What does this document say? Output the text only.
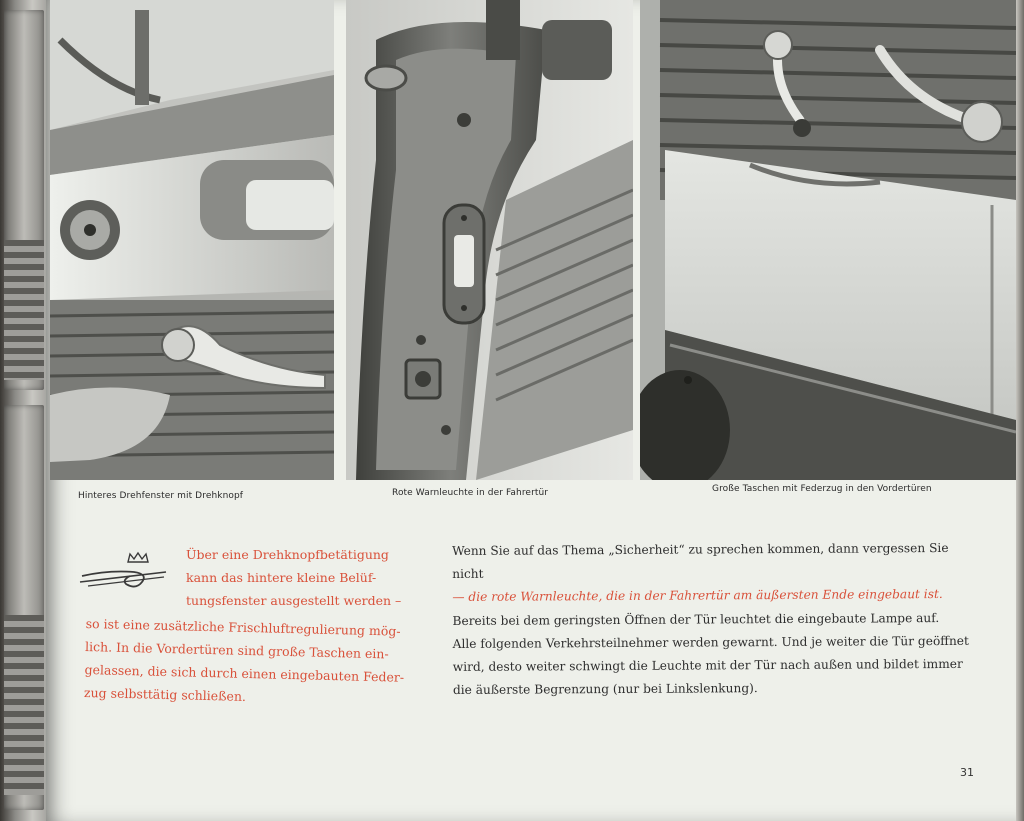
Hinteres Drehfenster mit Drehknopf	Rote Warnleuchte in der Fahrertür	Große Taschen mit Federzug in den Vordertüren

Über eine Drehknopfbetätigung
kann das hintere kleine Belüf-
tungsfenster ausgestellt werden –

so ist eine zusätzliche Frischluftregulierung mög-
lich. In die Vordertüren sind große Taschen ein-
gelassen, die sich durch einen eingebauten Feder-
zug selbsttätig schließen.

Wenn Sie auf das Thema „Sicherheit“ zu sprechen kommen, dann vergessen Sie
nicht
— die rote Warnleuchte, die in der Fahrertür am äußersten Ende eingebaut ist.
Bereits bei dem geringsten Öffnen der Tür leuchtet die eingebaute Lampe auf.
Alle folgenden Verkehrsteilnehmer werden gewarnt. Und je weiter die Tür geöffnet
wird, desto weiter schwingt die Leuchte mit der Tür nach außen und bildet immer
die äußerste Begrenzung (nur bei Linkslenkung).
31
